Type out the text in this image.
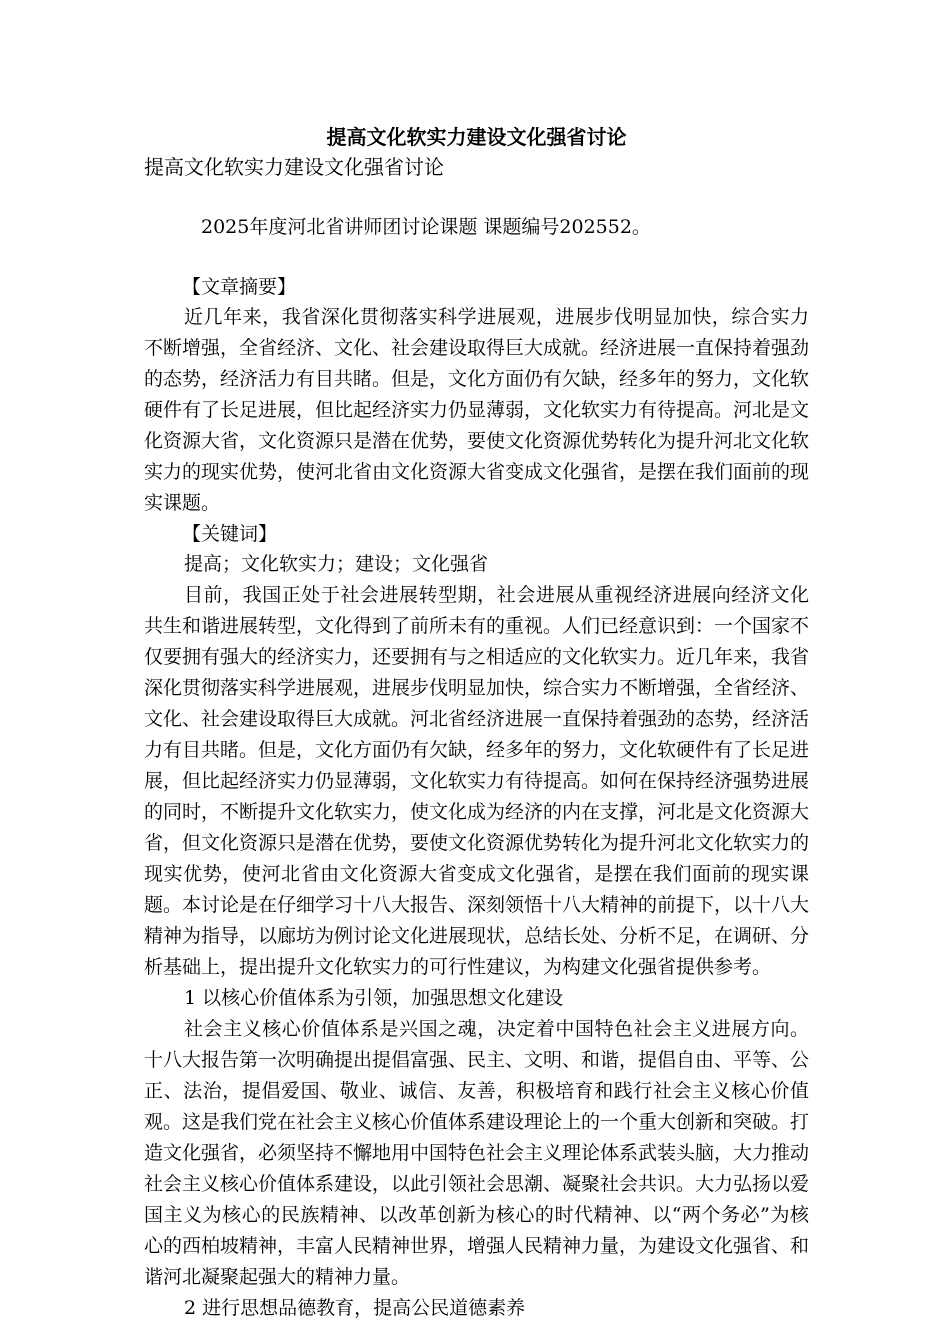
提高文化软实力建设文化强省讨论
提高文化软实力建设文化强省讨论
2025年度河北省讲师团讨论课题 课题编号202552。
【文章摘要】

近几年来，我省深化贯彻落实科学进展观，进展步伐明显加快，综合实力不断增强，全省经济、文化、社会建设取得巨大成就。经济进展一直保持着强劲的态势，经济活力有目共睹。但是，文化方面仍有欠缺，经多年的努力，文化软硬件有了长足进展，但比起经济实力仍显薄弱，文化软实力有待提高。河北是文化资源大省，文化资源只是潜在优势，要使文化资源优势转化为提升河北文化软实力的现实优势，使河北省由文化资源大省变成文化强省，是摆在我们面前的现实课题。

【关键词】
提高；文化软实力；建设；文化强省

目前，我国正处于社会进展转型期，社会进展从重视经济进展向经济文化共生和谐进展转型，文化得到了前所未有的重视。人们已经意识到：一个国家不仅要拥有强大的经济实力，还要拥有与之相适应的文化软实力。近几年来，我省深化贯彻落实科学进展观，进展步伐明显加快，综合实力不断增强，全省经济、文化、社会建设取得巨大成就。河北省经济进展一直保持着强劲的态势，经济活力有目共睹。但是，文化方面仍有欠缺，经多年的努力，文化软硬件有了长足进展，但比起经济实力仍显薄弱，文化软实力有待提高。如何在保持经济强势进展的同时，不断提升文化软实力，使文化成为经济的内在支撑，河北是文化资源大省，但文化资源只是潜在优势，要使文化资源优势转化为提升河北文化软实力的现实优势，使河北省由文化资源大省变成文化强省，是摆在我们面前的现实课题。本讨论是在仔细学习十八大报告、深刻领悟十八大精神的前提下，以十八大精神为指导，以廊坊为例讨论文化进展现状，总结长处、分析不足，在调研、分析基础上，提出提升文化软实力的可行性建议，为构建文化强省提供参考。

1 以核心价值体系为引领，加强思想文化建设

社会主义核心价值体系是兴国之魂，决定着中国特色社会主义进展方向。十八大报告第一次明确提出提倡富强、民主、文明、和谐，提倡自由、平等、公正、法治，提倡爱国、敬业、诚信、友善，积极培育和践行社会主义核心价值观。这是我们党在社会主义核心价值体系建设理论上的一个重大创新和突破。打造文化强省，必须坚持不懈地用中国特色社会主义理论体系武装头脑，大力推动社会主义核心价值体系建设，以此引领社会思潮、凝聚社会共识。大力弘扬以爱国主义为核心的民族精神、以改革创新为核心的时代精神、以“两个务必”为核心的西柏坡精神，丰富人民精神世界，增强人民精神力量，为建设文化强省、和谐河北凝聚起强大的精神力量。

2 进行思想品德教育，提高公民道德素养
